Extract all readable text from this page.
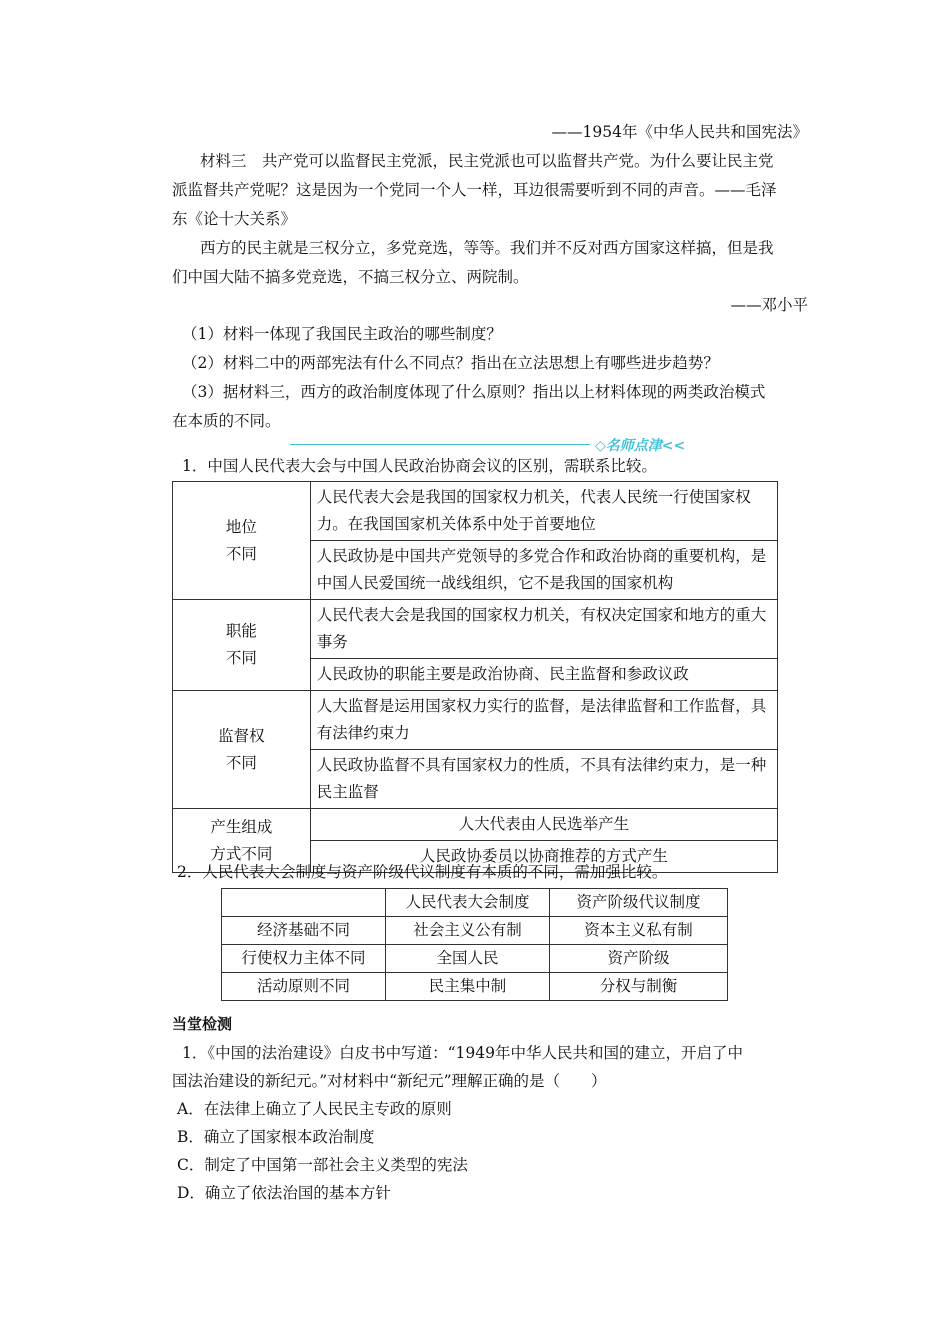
——1954年《中华人民共和国宪法》
材料三　共产党可以监督民主党派，民主党派也可以监督共产党。为什么要让民主党
派监督共产党呢？这是因为一个党同一个人一样，耳边很需要听到不同的声音。——毛泽
东《论十大关系》
西方的民主就是三权分立，多党竞选，等等。我们并不反对西方国家这样搞，但是我
们中国大陆不搞多党竞选，不搞三权分立、两院制。
——邓小平
（1）材料一体现了我国民主政治的哪些制度？
（2）材料二中的两部宪法有什么不同点？指出在立法思想上有哪些进步趋势？
（3）据材料三，西方的政治制度体现了什么原则？指出以上材料体现的两类政治模式
在本质的不同。
◇名师点津<<
1．中国人民代表大会与中国人民政治协商会议的区别，需联系比较。
地位
不同	人民代表大会是我国的国家权力机关，代表人民统一行使国家权力。在我国国家机关体系中处于首要地位
	人民政协是中国共产党领导的多党合作和政治协商的重要机构，是中国人民爱国统一战线组织，它不是我国的国家机构
职能
不同	人民代表大会是我国的国家权力机关，有权决定国家和地方的重大事务
	人民政协的职能主要是政治协商、民主监督和参政议政
监督权
不同	人大监督是运用国家权力实行的监督，是法律监督和工作监督，具有法律约束力
	人民政协监督不具有国家权力的性质，不具有法律约束力，是一种民主监督
产生组成
方式不同	人大代表由人民选举产生
	人民政协委员以协商推荐的方式产生
2．人民代表大会制度与资产阶级代议制度有本质的不同，需加强比较。
	人民代表大会制度	资产阶级代议制度
经济基础不同	社会主义公有制	资本主义私有制
行使权力主体不同	全国人民	资产阶级
活动原则不同	民主集中制	分权与制衡
当堂检测
1．《中国的法治建设》白皮书中写道：“1949年中华人民共和国的建立，开启了中
国法治建设的新纪元。”对材料中“新纪元”理解正确的是（　　）
A．在法律上确立了人民民主专政的原则
B．确立了国家根本政治制度
C．制定了中国第一部社会主义类型的宪法
D．确立了依法治国的基本方针
